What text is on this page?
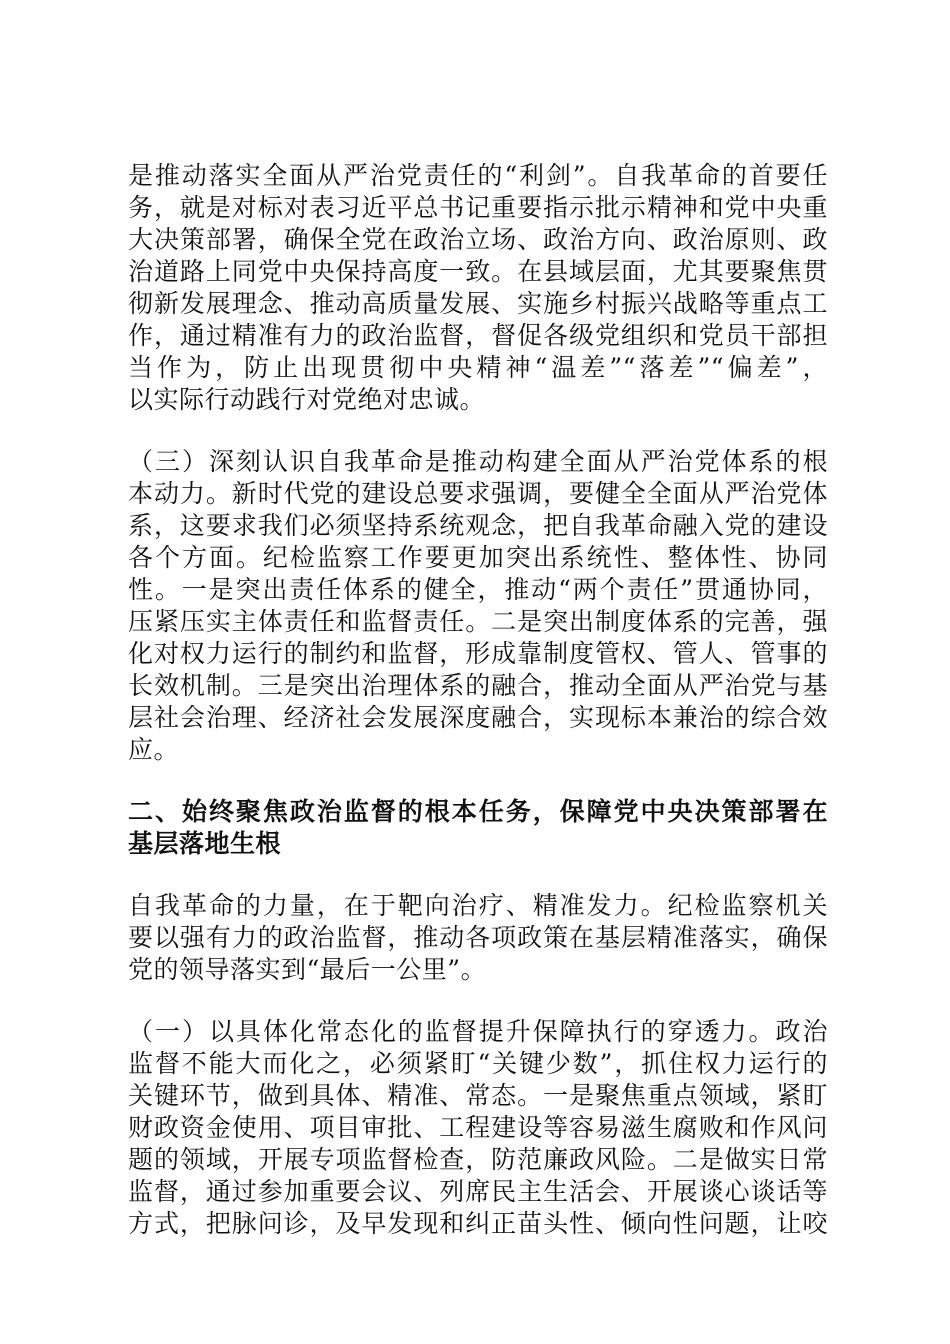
是推动落实全面从严治党责任的“利剑”。自我革命的首要任
务，就是对标对表习近平总书记重要指示批示精神和党中央重
大决策部署，确保全党在政治立场、政治方向、政治原则、政
治道路上同党中央保持高度一致。在县域层面，尤其要聚焦贯
彻新发展理念、推动高质量发展、实施乡村振兴战略等重点工
作，通过精准有力的政治监督，督促各级党组织和党员干部担
当作为，防止出现贯彻中央精神“温差”“落差”“偏差”，
以实际行动践行对党绝对忠诚。
（三）深刻认识自我革命是推动构建全面从严治党体系的根
本动力。新时代党的建设总要求强调，要健全全面从严治党体
系，这要求我们必须坚持系统观念，把自我革命融入党的建设
各个方面。纪检监察工作要更加突出系统性、整体性、协同
性。一是突出责任体系的健全，推动“两个责任”贯通协同，
压紧压实主体责任和监督责任。二是突出制度体系的完善，强
化对权力运行的制约和监督，形成靠制度管权、管人、管事的
长效机制。三是突出治理体系的融合，推动全面从严治党与基
层社会治理、经济社会发展深度融合，实现标本兼治的综合效
应。
二、始终聚焦政治监督的根本任务，保障党中央决策部署在
基层落地生根
自我革命的力量，在于靶向治疗、精准发力。纪检监察机关
要以强有力的政治监督，推动各项政策在基层精准落实，确保
党的领导落实到“最后一公里”。
（一）以具体化常态化的监督提升保障执行的穿透力。政治
监督不能大而化之，必须紧盯“关键少数”，抓住权力运行的
关键环节，做到具体、精准、常态。一是聚焦重点领域，紧盯
财政资金使用、项目审批、工程建设等容易滋生腐败和作风问
题的领域，开展专项监督检查，防范廉政风险。二是做实日常
监督，通过参加重要会议、列席民主生活会、开展谈心谈话等
方式，把脉问诊，及早发现和纠正苗头性、倾向性问题，让咬
